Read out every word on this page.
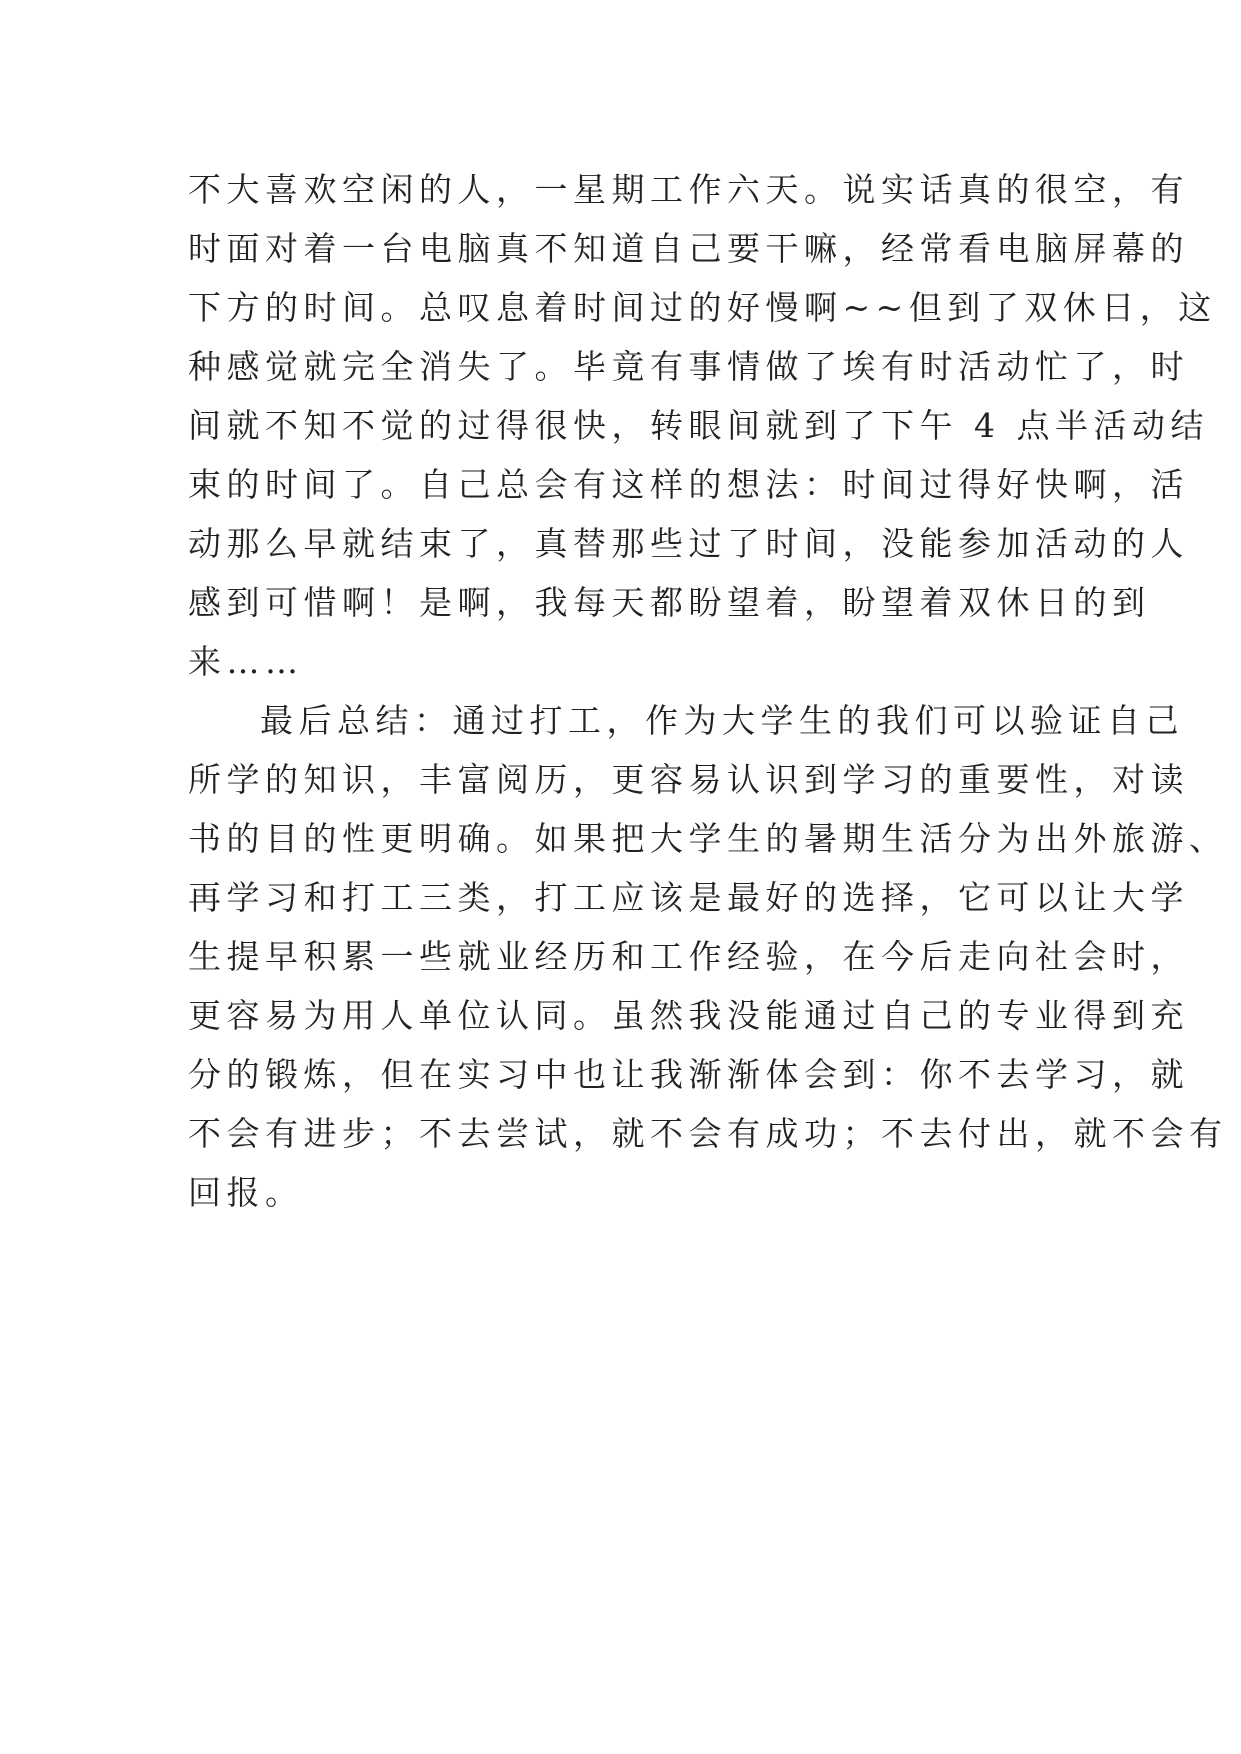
不大喜欢空闲的人，一星期工作六天。说实话真的很空，有
时面对着一台电脑真不知道自己要干嘛，经常看电脑屏幕的
下方的时间。总叹息着时间过的好慢啊~~但到了双休日，这
种感觉就完全消失了。毕竟有事情做了埃有时活动忙了，时
间就不知不觉的过得很快，转眼间就到了下午 4 点半活动结
束的时间了。自己总会有这样的想法：时间过得好快啊，活
动那么早就结束了，真替那些过了时间，没能参加活动的人
感到可惜啊！是啊，我每天都盼望着，盼望着双休日的到
来……
最后总结：通过打工，作为大学生的我们可以验证自己
所学的知识，丰富阅历，更容易认识到学习的重要性，对读
书的目的性更明确。如果把大学生的暑期生活分为出外旅游、
再学习和打工三类，打工应该是最好的选择，它可以让大学
生提早积累一些就业经历和工作经验，在今后走向社会时，
更容易为用人单位认同。虽然我没能通过自己的专业得到充
分的锻炼，但在实习中也让我渐渐体会到：你不去学习，就
不会有进步；不去尝试，就不会有成功；不去付出，就不会有
回报。
